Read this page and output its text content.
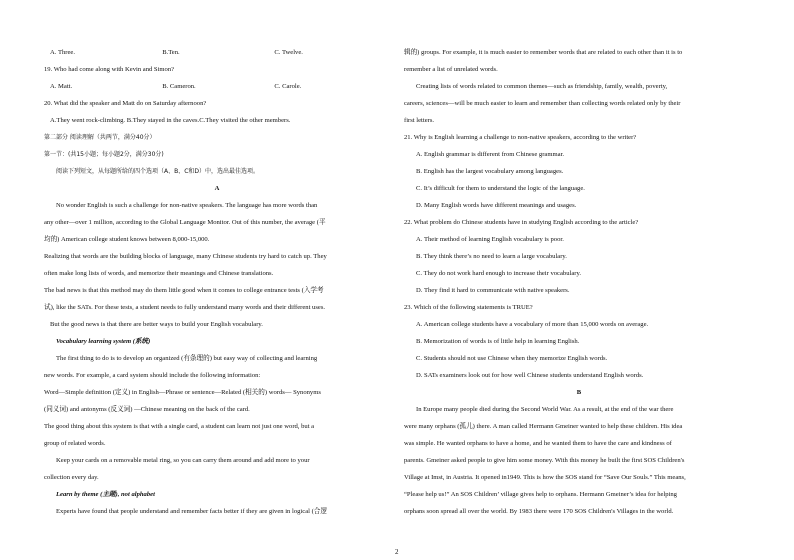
A. Three.	B.Ten.	C. Twelve.

19. Who had come along with Kevin and Simon?

A. Matt.	B. Cameron.	C. Carole.

20. What did the speaker and Matt do on Saturday afternoon?

A.They went rock-climbing. B.They stayed in the caves.C.They visited the other members.

第二部分 阅读理解（共两节，满分40分）

第一节：(共15小题；每小题2分，满分30分)

阅读下列短文，从每题所给的四个选项（A、B、C和D）中，选出最佳选项。

A

No wonder English is such a challenge for non-native speakers. The language has more words than

any other—over 1 million, according to the Global Language Monitor. Out of this number, the average (平

均的) American college student knows between 8,000-15,000.

Realizing that words are the building blocks of language, many Chinese students try hard to catch up. They

often make long lists of words, and memorize their meanings and Chinese translations.

The bad news is that this method may do them little good when it comes to college entrance tests (入学考

试), like the SATs. For these tests, a student needs to fully understand many words and their different uses.

But the good news is that there are better ways to build your English vocabulary.

Vocabulary learning system (系统)

The first thing to do is to develop an organized (有条理的) but easy way of collecting and learning

new words. For example, a card system should include the following information:

Word—Simple definition (定义) in English—Phrase or sentence—Related (相关的) words— Synonyms

(同义词) and antonyms (反义词) —Chinese meaning on the back of the card.

The good thing about this system is that with a single card, a student can learn not just one word, but a

group of related words.

Keep your cards on a removable metal ring, so you can carry them around and add more to your

collection every day.

Learn by theme (主题), not alphabet

Experts have found that people understand and remember facts better if they are given in logical (合逻

辑的) groups. For example, it is much easier to remember words that are related to each other than it is to

remember a list of unrelated words.

Creating lists of words related to common themes—such as friendship, family, wealth, poverty,

careers, sciences—will be much easier to learn and remember than collecting words related only by their

first letters.

21. Why is English learning a challenge to non-native speakers, according to the writer?

A. English grammar is different from Chinese grammar.

B. English has the largest vocabulary among languages.

C. It’s difficult for them to understand the logic of the language.

D. Many English words have different meanings and usages.

22. What problem do Chinese students have in studying English according to the article?

A. Their method of learning English vocabulary is poor.

B. They think there’s no need to learn a large vocabulary.

C. They do not work hard enough to increase their vocabulary.

D. They find it hard to communicate with native speakers.

23. Which of the following statements is TRUE?

A. American college students have a vocabulary of more than 15,000 words on average.

B. Memorization of words is of little help in learning English.

C. Students should not use Chinese when they memorize English words.

D. SATs examiners look out for how well Chinese students understand English words.

B

In Europe many people died during the Second World War. As a result, at the end of the war there

were many orphans (孤儿) there. A man called Hermann Gmeiner wanted to help these children. His idea

was simple. He wanted orphans to have a home, and he wanted them to have the care and kindness of

parents. Gmeiner asked people to give him some money. With this money he built the first SOS Children's

Village at Imst, in Austria. It opened in1949. This is how the SOS stand for “Save Our Souls.” This means,

“Please help us!” An SOS Children’ village gives help to orphans. Hermann Gmeiner’s idea for helping

orphans soon spread all over the world. By 1983 there were 170 SOS Children's Villages in the world.

2
